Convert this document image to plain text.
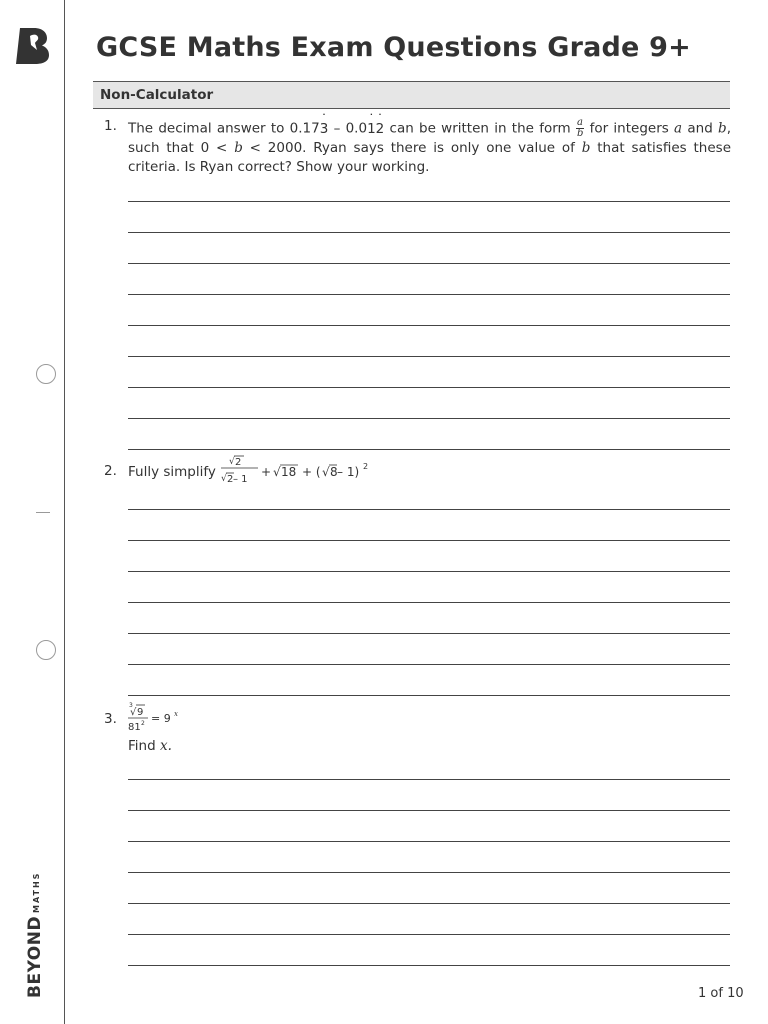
BEYOND
MATHS
GCSE Maths Exam Questions Grade 9+
Non-Calculator
1. The decimal answer to 0.173 ˙ – 0.01 ˙2 ˙ can be written in the form $\frac{a}{b}$ for integers a and b, such that 0 < b < 2000. Ryan says there is only one value of b that satisfies these criteria. Is Ryan correct? Show your working.
2. Fully simplify
√ 2
√ 2 – 1
+ √ 18 + ( √ 8 – 1) 2
3.
3
√ 9
81 2 = 9 x
Find x.
1 of 10
